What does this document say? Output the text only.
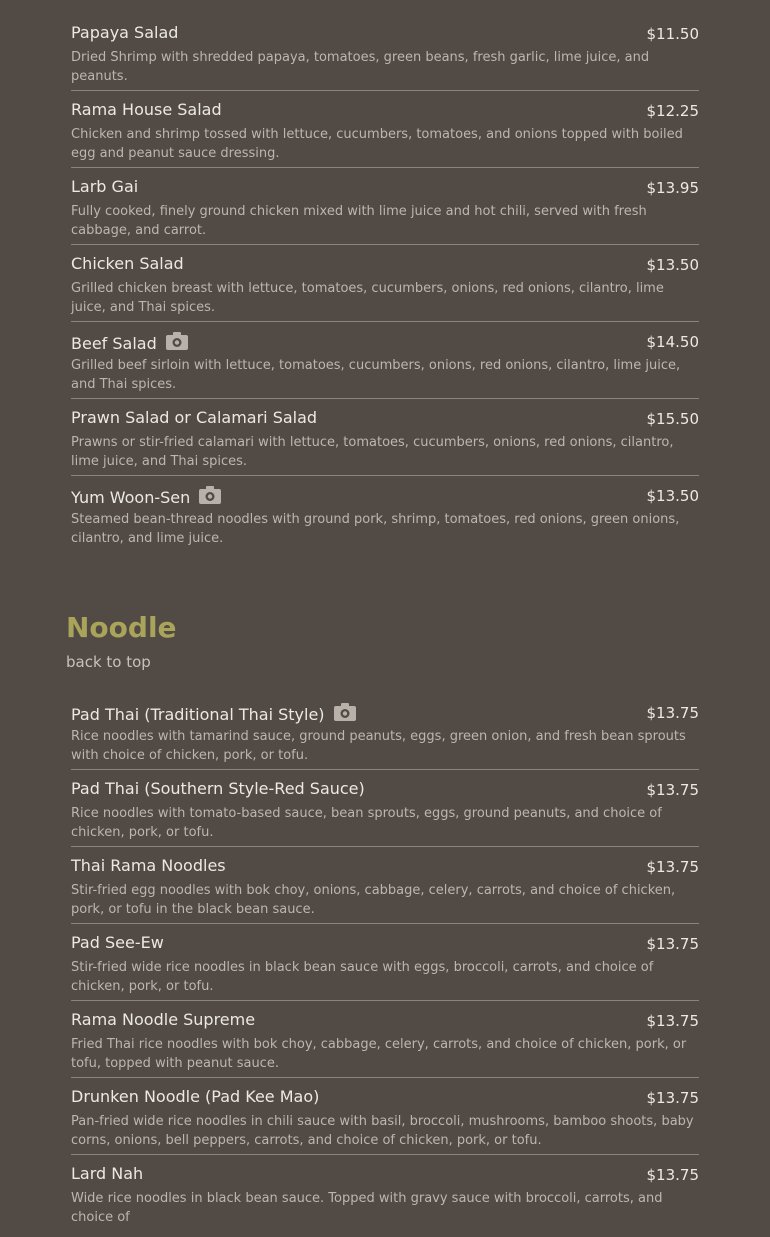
Papaya Salad	$11.50

Dried Shrimp with shredded papaya, tomatoes, green beans, fresh garlic, lime juice, and peanuts.

Rama House Salad	$12.25

Chicken and shrimp tossed with lettuce, cucumbers, tomatoes, and onions topped with boiled egg and peanut sauce dressing.

Larb Gai	$13.95

Fully cooked, finely ground chicken mixed with lime juice and hot chili, served with fresh cabbage, and carrot.

Chicken Salad	$13.50

Grilled chicken breast with lettuce, tomatoes, cucumbers, onions, red onions, cilantro, lime juice, and Thai spices.

Beef Salad	$14.50

Grilled beef sirloin with lettuce, tomatoes, cucumbers, onions, red onions, cilantro, lime juice, and Thai spices.

Prawn Salad or Calamari Salad	$15.50

Prawns or stir-fried calamari with lettuce, tomatoes, cucumbers, onions, red onions, cilantro, lime juice, and Thai spices.

Yum Woon-Sen	$13.50

Steamed bean-thread noodles with ground pork, shrimp, tomatoes, red onions, green onions, cilantro, and lime juice.

Noodle
back to top
Pad Thai (Traditional Thai Style)	$13.75

Rice noodles with tamarind sauce, ground peanuts, eggs, green onion, and fresh bean sprouts with choice of chicken, pork, or tofu.

Pad Thai (Southern Style-Red Sauce)	$13.75

Rice noodles with tomato-based sauce, bean sprouts, eggs, ground peanuts, and choice of chicken, pork, or tofu.

Thai Rama Noodles	$13.75

Stir-fried egg noodles with bok choy, onions, cabbage, celery, carrots, and choice of chicken, pork, or tofu in the black bean sauce.

Pad See-Ew	$13.75

Stir-fried wide rice noodles in black bean sauce with eggs, broccoli, carrots, and choice of chicken, pork, or tofu.

Rama Noodle Supreme	$13.75

Fried Thai rice noodles with bok choy, cabbage, celery, carrots, and choice of chicken, pork, or tofu, topped with peanut sauce.

Drunken Noodle (Pad Kee Mao)	$13.75

Pan-fried wide rice noodles in chili sauce with basil, broccoli, mushrooms, bamboo shoots, baby corns, onions, bell peppers, carrots, and choice of chicken, pork, or tofu.

Lard Nah	$13.75

Wide rice noodles in black bean sauce. Topped with gravy sauce with broccoli, carrots, and choice of
